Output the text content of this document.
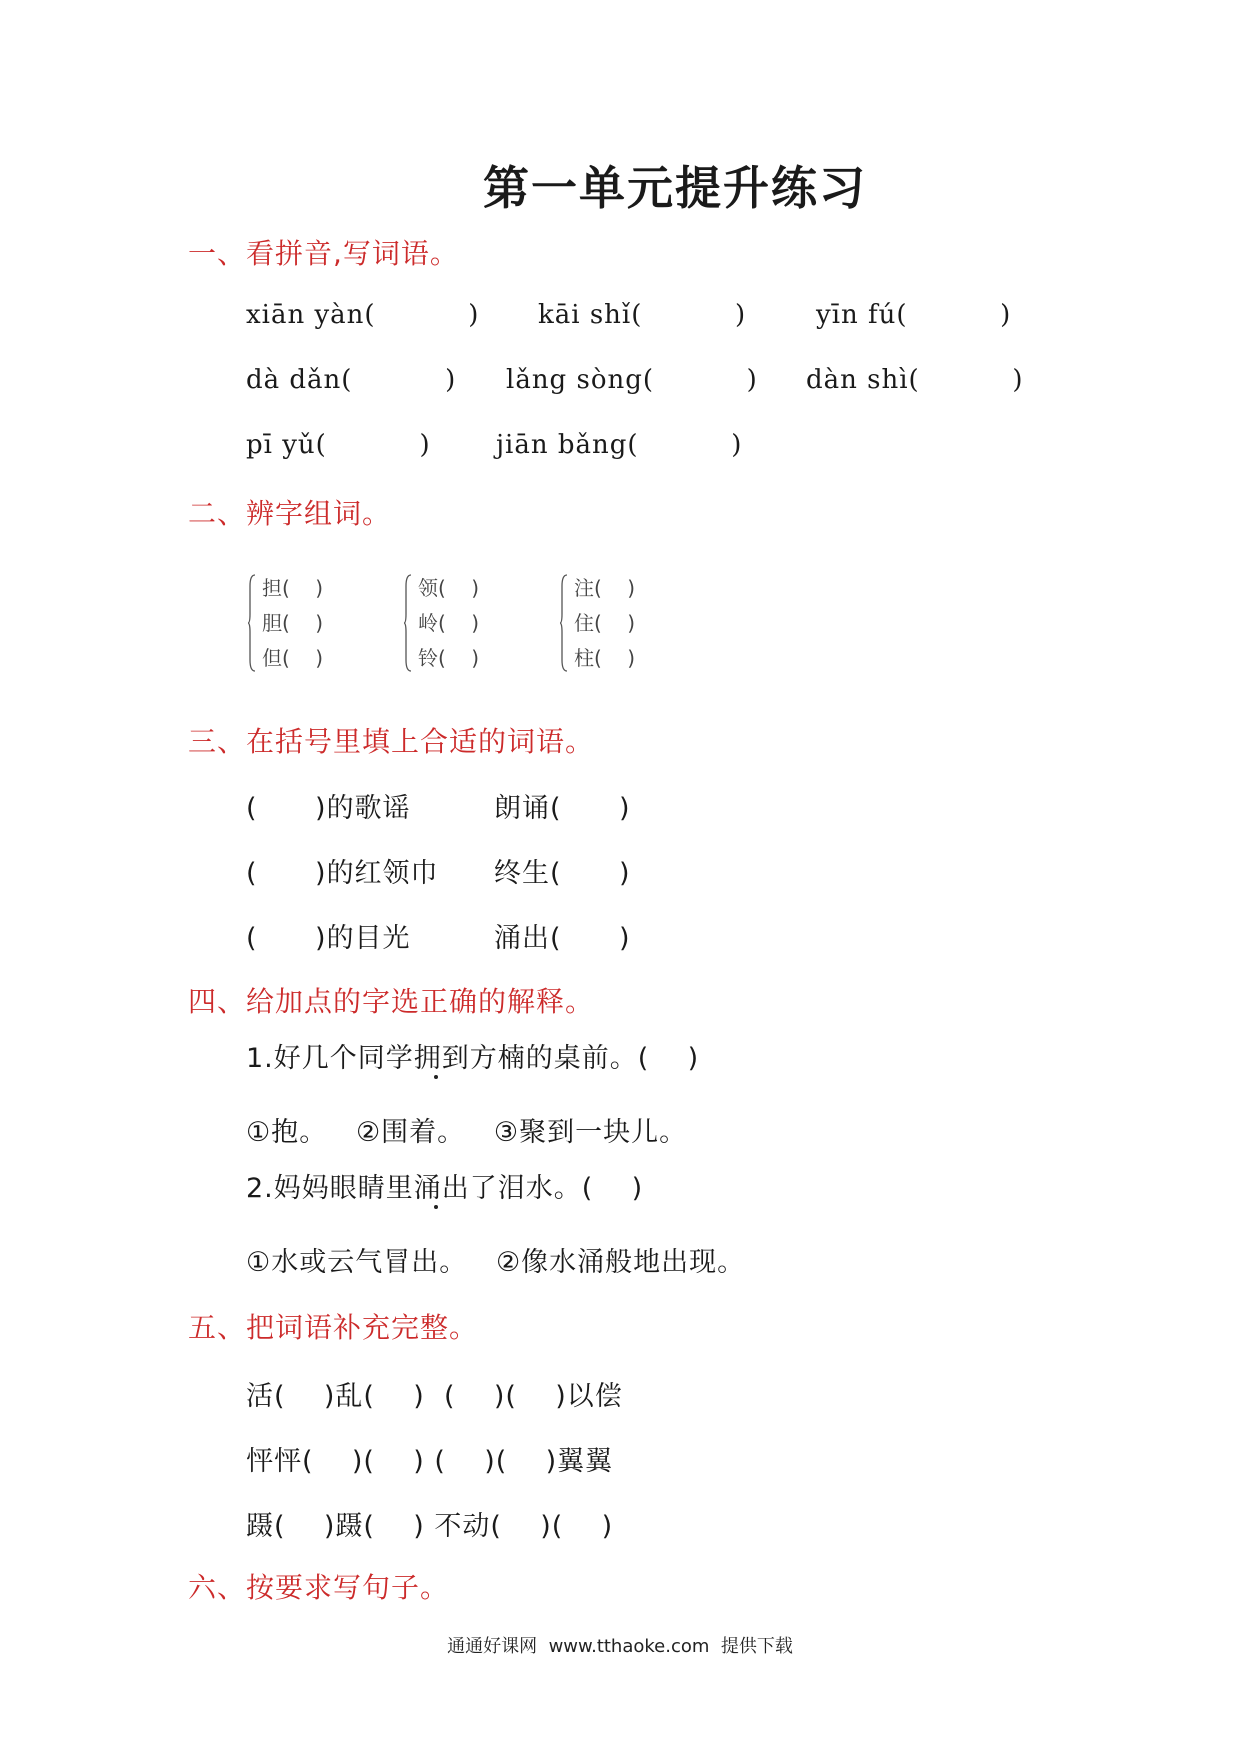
第一单元提升练习
一、看拼音,写词语。
xiān yàn(          ) kāi shǐ(          )	yīn fú(          )
dà dǎn(          ) lǎng sòng(          ) dàn shì(          )
pī yǔ(          )	jiān bǎng(          )
二、辨字组词。
担(    )
胆(    )
但(    )
领(    )
岭(    )
铃(    )
注(    )
住(    )
柱(    )
三、在括号里填上合适的词语。
(      )的歌谣	朗诵(      )
(      )的红领巾 终生(      )
(      )的目光	涌出(      )
四、给加点的字选正确的解释。
1.好几个同学拥到方楠的桌前。(    )
①抱。   ②围着。   ③聚到一块儿。
2.妈妈眼睛里涌出了泪水。(    )
①水或云气冒出。   ②像水涌般地出现。
五、把词语补充完整。
活(    )乱(    )  (    )(    )以偿
怦怦(    )(    ) (    )(    )翼翼
蹑(    )蹑(    ) 不动(    )(    )
六、按要求写句子。
通通好课网  www.tthaoke.com  提供下载
